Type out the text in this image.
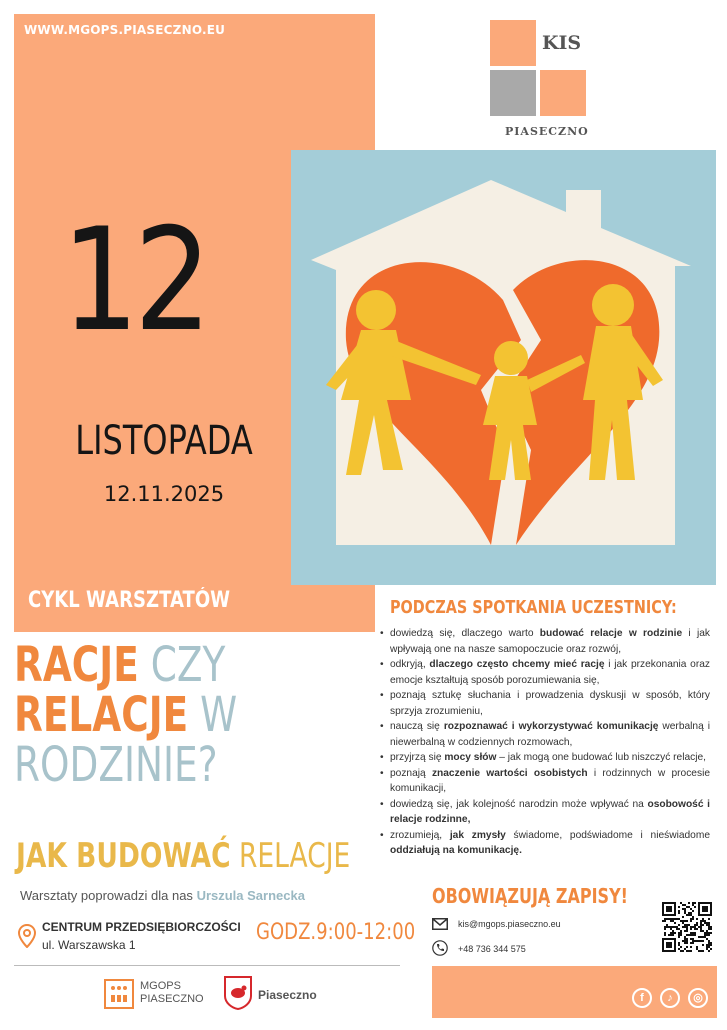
WWW.MGOPS.PIASECZNO.EU
KIS
PIASECZNO
12
LISTOPADA
12.11.2025
CYKL WARSZTATÓW
RACJE CZY
RELACJE W
RODZINIE?
JAK BUDOWAĆ RELACJE
Warsztaty poprowadzi dla nas Urszula Sarnecka
CENTRUM PRZEDSIĘBIORCZOŚCI
ul. Warszawska 1	GODZ.9:00-12:00
MGOPS
PIASECZNO	Piaseczno
PODCZAS SPOTKANIA UCZESTNICY:
• dowiedzą się, dlaczego warto budować relacje w rodzinie i jak wpływają one na nasze samopoczucie oraz rozwój,
• odkryją, dlaczego często chcemy mieć rację i jak przekonania oraz emocje kształtują sposób porozumiewania się,
• poznają sztukę słuchania i prowadzenia dyskusji w sposób, który sprzyja zrozumieniu,
• nauczą się rozpoznawać i wykorzystywać komunikację werbalną i niewerbalną w codziennych rozmowach,
• przyjrzą się mocy słów – jak mogą one budować lub niszczyć relacje,
• poznają znaczenie wartości osobistych i rodzinnych w procesie komunikacji,
• dowiedzą się, jak kolejność narodzin może wpływać na osobowość i relacje rodzinne,
• zrozumieją, jak zmysły świadome, podświadome i nieświadome oddziałują na komunikację.
OBOWIĄZUJĄ ZAPISY!
kis@mgops.piaseczno.eu
+48 736 344 575
f	♪	◎
